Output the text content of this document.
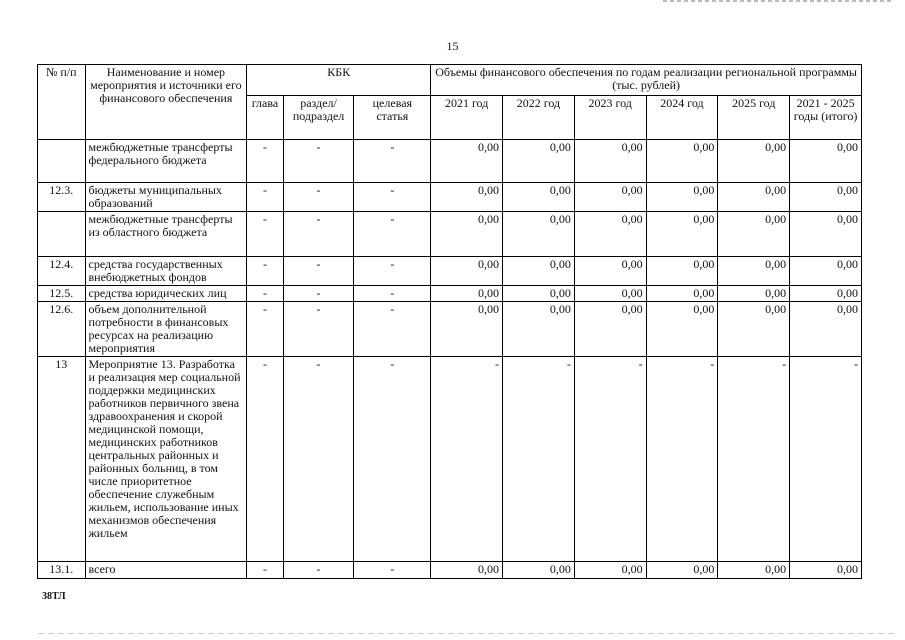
15
№ п/п	Наименование и номер мероприятия и источники его финансового обеспечения	КБК			Объемы финансового обеспечения по годам реализации региональной программы (тыс. рублей)					
		глава	раздел/ подраздел	целевая статья	2021 год	2022 год	2023 год	2024 год	2025 год	2021 - 2025 годы (итого)
	межбюджетные трансферты федерального бюджета	-	-	-	0,00	0,00	0,00	0,00	0,00	0,00
12.3.	бюджеты муниципальных образований	-	-	-	0,00	0,00	0,00	0,00	0,00	0,00
	межбюджетные трансферты из областного бюджета	-	-	-	0,00	0,00	0,00	0,00	0,00	0,00
12.4.	средства государственных внебюджетных фондов	-	-	-	0,00	0,00	0,00	0,00	0,00	0,00
12.5.	средства юридических лиц	-	-	-	0,00	0,00	0,00	0,00	0,00	0,00
12.6.	объем дополнительной потребности в финансовых ресурсах на реализацию мероприятия	-	-	-	0,00	0,00	0,00	0,00	0,00	0,00
13	Мероприятие 13. Разработка и реализация мер социальной поддержки медицинских работников первичного звена здравоохранения и скорой медицинской помощи, медицинских работников центральных районных и районных больниц, в том числе приоритетное обеспечение служебным жильем, использование иных механизмов обеспечения жильем	-	-	-	-	-	-	-	-	-
13.1.	всего	-	-	-	0,00	0,00	0,00	0,00	0,00	0,00
38ТЛ
